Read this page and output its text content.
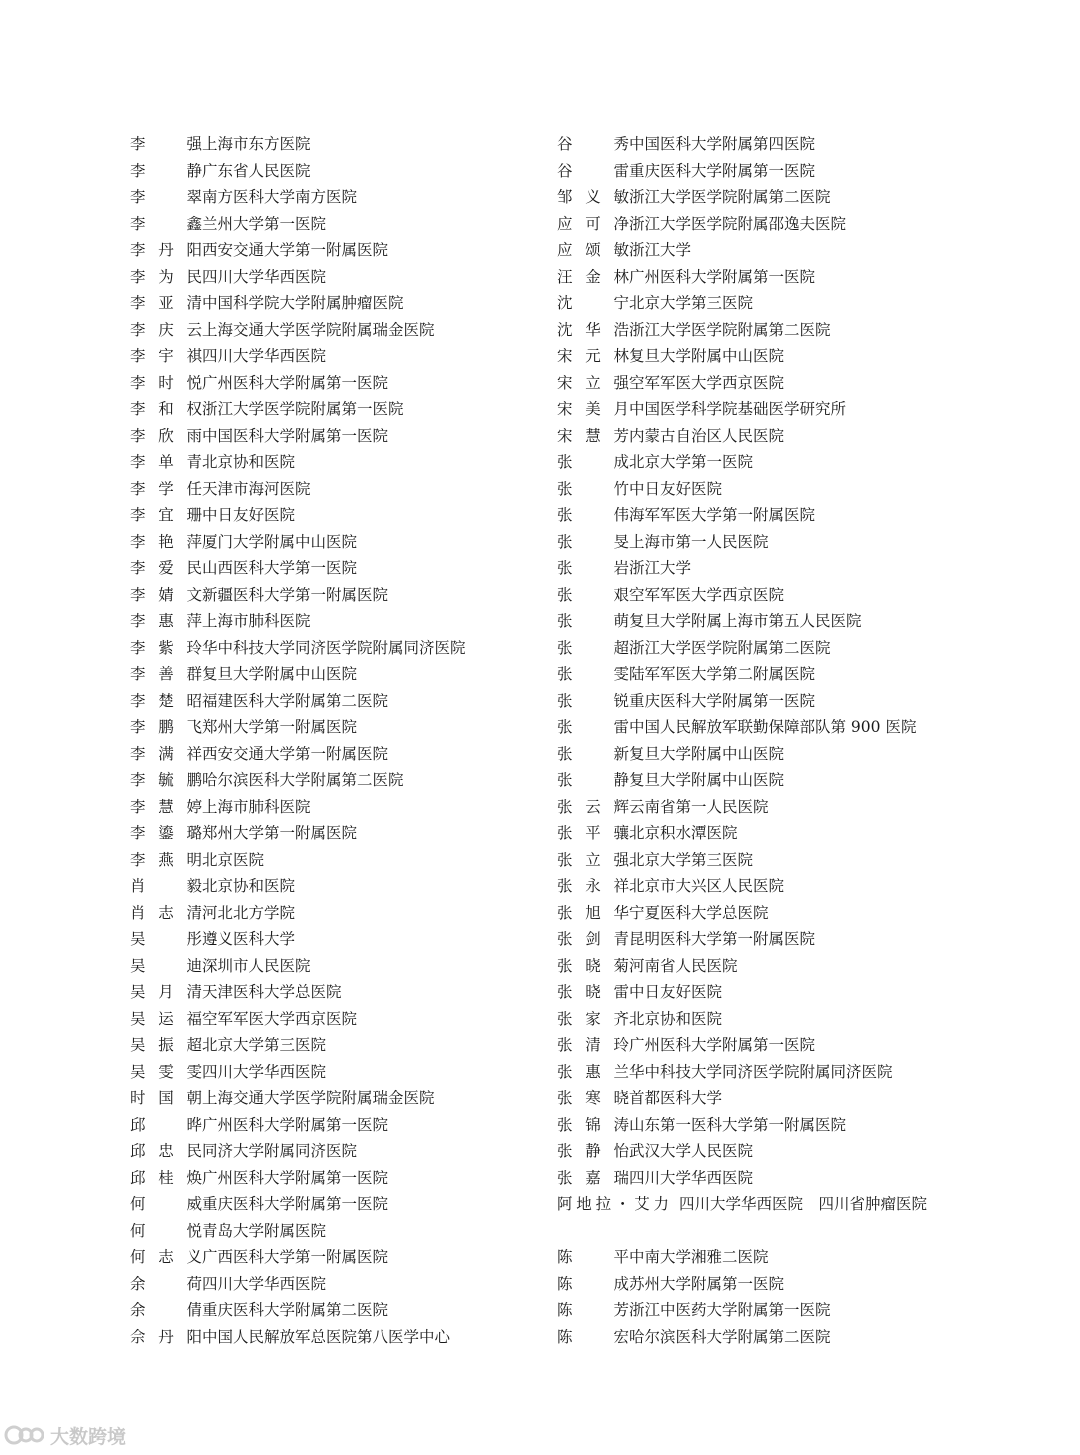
李 强 上海市东方医院
李 静 广东省人民医院
李 翠 南方医科大学南方医院
李 鑫 兰州大学第一医院
李丹阳 西安交通大学第一附属医院
李为民 四川大学华西医院
李亚清 中国科学院大学附属肿瘤医院
李庆云 上海交通大学医学院附属瑞金医院
李宇祺 四川大学华西医院
李时悦 广州医科大学附属第一医院
李和权 浙江大学医学院附属第一医院
李欣雨 中国医科大学附属第一医院
李单青 北京协和医院
李学任 天津市海河医院
李宜珊 中日友好医院
李艳萍 厦门大学附属中山医院
李爱民 山西医科大学第一医院
李婧文 新疆医科大学第一附属医院
李惠萍 上海市肺科医院
李紫玲 华中科技大学同济医学院附属同济医院
李善群 复旦大学附属中山医院
李楚昭 福建医科大学附属第二医院
李鹏飞 郑州大学第一附属医院
李满祥 西安交通大学第一附属医院
李毓鹏 哈尔滨医科大学附属第二医院
李慧婷 上海市肺科医院
李鎏璐 郑州大学第一附属医院
李燕明 北京医院
肖 毅 北京协和医院
肖志清 河北北方学院
吴 彤 遵义医科大学
吴 迪 深圳市人民医院
吴月清 天津医科大学总医院
吴运福 空军军医大学西京医院
吴振超 北京大学第三医院
吴雯雯 四川大学华西医院
时国朝 上海交通大学医学院附属瑞金医院
邱 晔 广州医科大学附属第一医院
邱忠民 同济大学附属同济医院
邱桂焕 广州医科大学附属第一医院
何 威 重庆医科大学附属第一医院
何 悦 青岛大学附属医院
何志义 广西医科大学第一附属医院
余 荷 四川大学华西医院
余 倩 重庆医科大学附属第二医院
佘丹阳 中国人民解放军总医院第八医学中心
谷 秀 中国医科大学附属第四医院
谷 雷 重庆医科大学附属第一医院
邹义敏 浙江大学医学院附属第二医院
应可净 浙江大学医学院附属邵逸夫医院
应颂敏 浙江大学
汪金林 广州医科大学附属第一医院
沈 宁 北京大学第三医院
沈华浩 浙江大学医学院附属第二医院
宋元林 复旦大学附属中山医院
宋立强 空军军医大学西京医院
宋美月 中国医学科学院基础医学研究所
宋慧芳 内蒙古自治区人民医院
张 成 北京大学第一医院
张 竹 中日友好医院
张 伟 海军军医大学第一附属医院
张 旻 上海市第一人民医院
张 岩 浙江大学
张 艰 空军军医大学西京医院
张 萌 复旦大学附属上海市第五人民医院
张 超 浙江大学医学院附属第二医院
张 雯 陆军军医大学第二附属医院
张 锐 重庆医科大学附属第一医院
张 雷 中国人民解放军联勤保障部队第 900 医院
张 新 复旦大学附属中山医院
张 静 复旦大学附属中山医院
张云辉 云南省第一人民医院
张平骧 北京积水潭医院
张立强 北京大学第三医院
张永祥 北京市大兴区人民医院
张旭华 宁夏医科大学总医院
张剑青 昆明医科大学第一附属医院
张晓菊 河南省人民医院
张晓雷 中日友好医院
张家齐 北京协和医院
张清玲 广州医科大学附属第一医院
张惠兰 华中科技大学同济医学院附属同济医院
张寒晓 首都医科大学
张锦涛 山东第一医科大学第一附属医院
张静怡 武汉大学人民医院
张嘉瑞 四川大学华西医院
阿地拉・艾力 四川大学华西医院　四川省肿瘤医院
陈 平 中南大学湘雅二医院
陈 成 苏州大学附属第一医院
陈 芳 浙江中医药大学附属第一医院
陈 宏 哈尔滨医科大学附属第二医院
大数跨境
